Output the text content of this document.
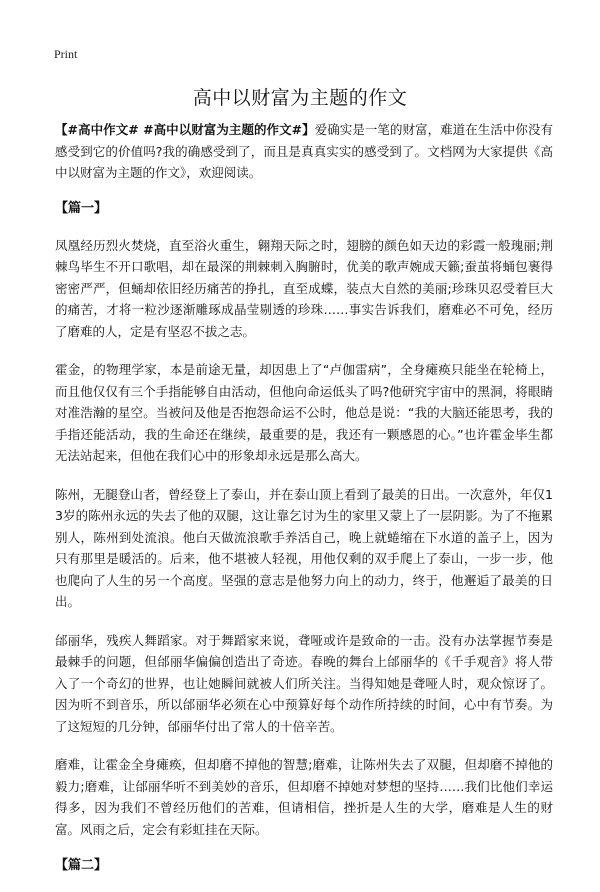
Print
高中以财富为主题的作文

【#高中作文# #高中以财富为主题的作文#】爱确实是一笔的财富，难道在生活中你没有感受到它的价值吗?我的确感受到了，而且是真真实实的感受到了。文档网为大家提供《高中以财富为主题的作文》，欢迎阅读。

【篇一】

凤凰经历烈火焚烧，直至浴火重生，翱翔天际之时，翅膀的颜色如天边的彩霞一般瑰丽;荆棘鸟毕生不开口歌唱，却在最深的荆棘刺入胸腑时，优美的歌声婉成天籁;蚕茧将蛹包裹得密密严严，但蛹却依旧经历痛苦的挣扎，直至成蝶，装点大自然的美丽;珍珠贝忍受着巨大的痛苦，才将一粒沙逐渐雕琢成晶莹剔透的珍珠……事实告诉我们，磨难必不可免，经历了磨难的人，定是有坚忍不拔之志。

霍金，的物理学家，本是前途无量，却因患上了“卢伽雷病”，全身瘫痪只能坐在轮椅上，而且他仅仅有三个手指能够自由活动，但他向命运低头了吗?他研究宇宙中的黑洞，将眼睛对准浩瀚的星空。当被问及他是否抱怨命运不公时，他总是说：“我的大脑还能思考，我的手指还能活动，我的生命还在继续，最重要的是，我还有一颗感恩的心。”也许霍金毕生都无法站起来，但他在我们心中的形象却永远是那么高大。

陈州，无腿登山者，曾经登上了泰山，并在泰山顶上看到了最美的日出。一次意外，年仅13岁的陈州永远的失去了他的双腿，这让靠乞讨为生的家里又蒙上了一层阴影。为了不拖累别人，陈州到处流浪。他白天做流浪歌手养活自己，晚上就蜷缩在下水道的盖子上，因为只有那里是暖活的。后来，他不堪被人轻视，用他仅剩的双手爬上了泰山，一步一步，他也爬向了人生的另一个高度。坚强的意志是他努力向上的动力，终于，他邂逅了最美的日出。

邰丽华，残疾人舞蹈家。对于舞蹈家来说，聋哑或许是致命的一击。没有办法掌握节奏是最棘手的问题，但邰丽华偏偏创造出了奇迹。春晚的舞台上邰丽华的《千手观音》将人带入了一个奇幻的世界，也让她瞬间就被人们所关注。当得知她是聋哑人时，观众惊讶了。因为听不到音乐，所以邰丽华必须在心中预算好每个动作所持续的时间，心中有节奏。为了这短短的几分钟，邰丽华付出了常人的十倍辛苦。

磨难，让霍金全身瘫痪，但却磨不掉他的智慧;磨难，让陈州失去了双腿，但却磨不掉他的毅力;磨难，让邰丽华听不到美妙的音乐，但却磨不掉她对梦想的坚持……我们比他们幸运得多，因为我们不曾经历他们的苦难，但请相信，挫折是人生的大学，磨难是人生的财富。风雨之后，定会有彩虹挂在天际。

【篇二】
